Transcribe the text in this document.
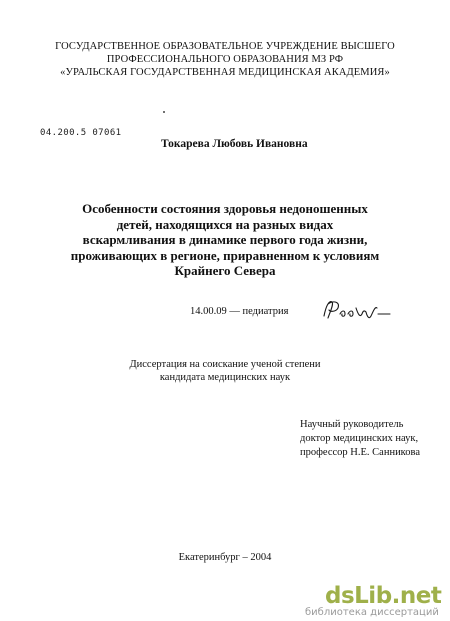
ГОСУДАРСТВЕННОЕ ОБРАЗОВАТЕЛЬНОЕ УЧРЕЖДЕНИЕ ВЫСШЕГО
ПРОФЕССИОНАЛЬНОГО ОБРАЗОВАНИЯ МЗ РФ
«УРАЛЬСКАЯ ГОСУДАРСТВЕННАЯ МЕДИЦИНСКАЯ АКАДЕМИЯ»
04.200.5 07061
Токарева Любовь Ивановна
Особенности состояния здоровья недоношенных
детей, находящихся на разных видах
вскармливания в динамике первого года жизни,
проживающих в регионе, приравненном к условиям
Крайнего Севера
14.00.09 — педиатрия
Диссертация на соискание ученой степени
кандидата медицинских наук
Научный руководитель
доктор медицинских наук,
профессор Н.Е. Санникова
Екатеринбург – 2004
dsLib.net
библиотека диссертаций
